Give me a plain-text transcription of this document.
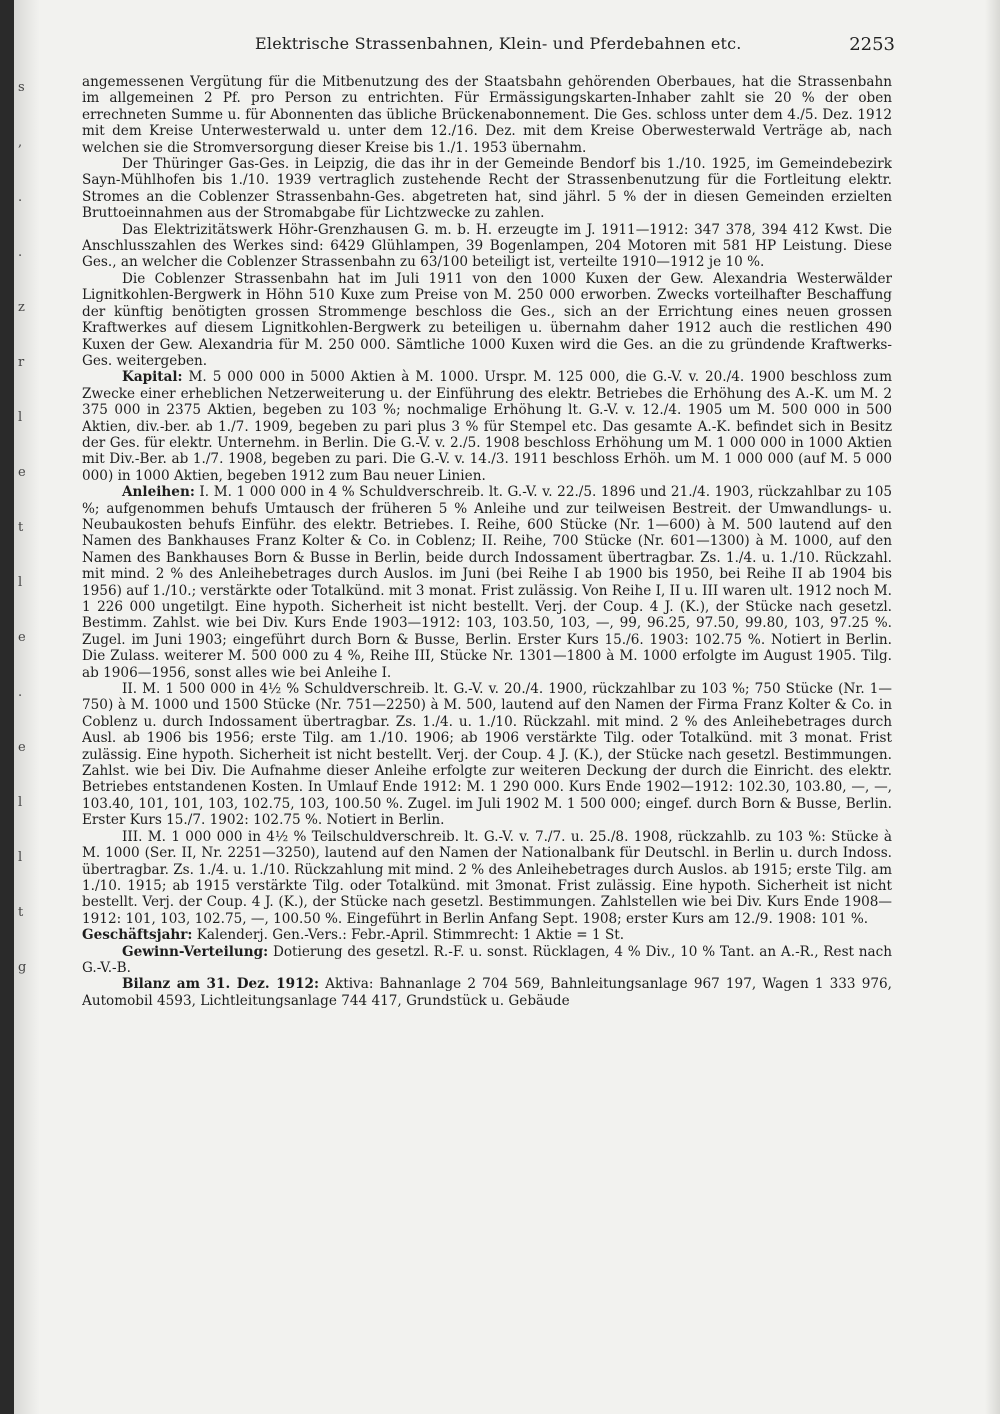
s
,
.
.
z
r
l
e
t
l
e
.
e
l
l
t
g
Elektrische Strassenbahnen, Klein- und Pferdebahnen etc.	2253

angemessenen Vergütung für die Mitbenutzung des der Staatsbahn gehörenden Oberbaues, hat die Strassenbahn im allgemeinen 2 Pf. pro Person zu entrichten. Für Ermässigungskarten-Inhaber zahlt sie 20 % der oben errechneten Summe u. für Abonnenten das übliche Brückenabonnement. Die Ges. schloss unter dem 4./5. Dez. 1912 mit dem Kreise Unterwesterwald u. unter dem 12./16. Dez. mit dem Kreise Oberwesterwald Verträge ab, nach welchen sie die Stromversorgung dieser Kreise bis 1./1. 1953 übernahm.

Der Thüringer Gas-Ges. in Leipzig, die das ihr in der Gemeinde Bendorf bis 1./10. 1925, im Gemeindebezirk Sayn-Mühlhofen bis 1./10. 1939 vertraglich zustehende Recht der Strassenbenutzung für die Fortleitung elektr. Stromes an die Coblenzer Strassenbahn-Ges. abgetreten hat, sind jährl. 5 % der in diesen Gemeinden erzielten Bruttoeinnahmen aus der Stromabgabe für Lichtzwecke zu zahlen.

Das Elektrizitätswerk Höhr-Grenzhausen G. m. b. H. erzeugte im J. 1911—1912: 347 378, 394 412 Kwst. Die Anschlusszahlen des Werkes sind: 6429 Glühlampen, 39 Bogenlampen, 204 Motoren mit 581 HP Leistung. Diese Ges., an welcher die Coblenzer Strassenbahn zu 63/100 beteiligt ist, verteilte 1910—1912 je 10 %.

Die Coblenzer Strassenbahn hat im Juli 1911 von den 1000 Kuxen der Gew. Alexandria Westerwälder Lignitkohlen-Bergwerk in Höhn 510 Kuxe zum Preise von M. 250 000 erworben. Zwecks vorteilhafter Beschaffung der künftig benötigten grossen Strommenge beschloss die Ges., sich an der Errichtung eines neuen grossen Kraftwerkes auf diesem Lignitkohlen-Bergwerk zu beteiligen u. übernahm daher 1912 auch die restlichen 490 Kuxen der Gew. Alexandria für M. 250 000. Sämtliche 1000 Kuxen wird die Ges. an die zu gründende Kraftwerks-Ges. weitergeben.

Kapital: M. 5 000 000 in 5000 Aktien à M. 1000. Urspr. M. 125 000, die G.-V. v. 20./4. 1900 beschloss zum Zwecke einer erheblichen Netzerweiterung u. der Einführung des elektr. Betriebes die Erhöhung des A.-K. um M. 2 375 000 in 2375 Aktien, begeben zu 103 %; nochmalige Erhöhung lt. G.-V. v. 12./4. 1905 um M. 500 000 in 500 Aktien, div.-ber. ab 1./7. 1909, begeben zu pari plus 3 % für Stempel etc. Das gesamte A.-K. befindet sich in Besitz der Ges. für elektr. Unternehm. in Berlin. Die G.-V. v. 2./5. 1908 beschloss Erhöhung um M. 1 000 000 in 1000 Aktien mit Div.-Ber. ab 1./7. 1908, begeben zu pari. Die G.-V. v. 14./3. 1911 beschloss Erhöh. um M. 1 000 000 (auf M. 5 000 000) in 1000 Aktien, begeben 1912 zum Bau neuer Linien.

Anleihen: I. M. 1 000 000 in 4 % Schuldverschreib. lt. G.-V. v. 22./5. 1896 und 21./4. 1903, rückzahlbar zu 105 %; aufgenommen behufs Umtausch der früheren 5 % Anleihe und zur teilweisen Bestreit. der Umwandlungs- u. Neubaukosten behufs Einführ. des elektr. Betriebes. I. Reihe, 600 Stücke (Nr. 1—600) à M. 500 lautend auf den Namen des Bankhauses Franz Kolter & Co. in Coblenz; II. Reihe, 700 Stücke (Nr. 601—1300) à M. 1000, auf den Namen des Bankhauses Born & Busse in Berlin, beide durch Indossament übertragbar. Zs. 1./4. u. 1./10. Rückzahl. mit mind. 2 % des Anleihebetrages durch Auslos. im Juni (bei Reihe I ab 1900 bis 1950, bei Reihe II ab 1904 bis 1956) auf 1./10.; verstärkte oder Totalkünd. mit 3 monat. Frist zulässig. Von Reihe I, II u. III waren ult. 1912 noch M. 1 226 000 ungetilgt. Eine hypoth. Sicherheit ist nicht bestellt. Verj. der Coup. 4 J. (K.), der Stücke nach gesetzl. Bestimm. Zahlst. wie bei Div. Kurs Ende 1903—1912: 103, 103.50, 103, —, 99, 96.25, 97.50, 99.80, 103, 97.25 %. Zugel. im Juni 1903; eingeführt durch Born & Busse, Berlin. Erster Kurs 15./6. 1903: 102.75 %. Notiert in Berlin. Die Zulass. weiterer M. 500 000 zu 4 %, Reihe III, Stücke Nr. 1301—1800 à M. 1000 erfolgte im August 1905. Tilg. ab 1906—1956, sonst alles wie bei Anleihe I.

II. M. 1 500 000 in 4½ % Schuldverschreib. lt. G.-V. v. 20./4. 1900, rückzahlbar zu 103 %; 750 Stücke (Nr. 1—750) à M. 1000 und 1500 Stücke (Nr. 751—2250) à M. 500, lautend auf den Namen der Firma Franz Kolter & Co. in Coblenz u. durch Indossament übertragbar. Zs. 1./4. u. 1./10. Rückzahl. mit mind. 2 % des Anleihebetrages durch Ausl. ab 1906 bis 1956; erste Tilg. am 1./10. 1906; ab 1906 verstärkte Tilg. oder Totalkünd. mit 3 monat. Frist zulässig. Eine hypoth. Sicherheit ist nicht bestellt. Verj. der Coup. 4 J. (K.), der Stücke nach gesetzl. Bestimmungen. Zahlst. wie bei Div. Die Aufnahme dieser Anleihe erfolgte zur weiteren Deckung der durch die Einricht. des elektr. Betriebes entstandenen Kosten. In Umlauf Ende 1912: M. 1 290 000. Kurs Ende 1902—1912: 102.30, 103.80, —, —, 103.40, 101, 101, 103, 102.75, 103, 100.50 %. Zugel. im Juli 1902 M. 1 500 000; eingef. durch Born & Busse, Berlin. Erster Kurs 15./7. 1902: 102.75 %. Notiert in Berlin.

III. M. 1 000 000 in 4½ % Teilschuldverschreib. lt. G.-V. v. 7./7. u. 25./8. 1908, rückzahlb. zu 103 %: Stücke à M. 1000 (Ser. II, Nr. 2251—3250), lautend auf den Namen der Nationalbank für Deutschl. in Berlin u. durch Indoss. übertragbar. Zs. 1./4. u. 1./10. Rückzahlung mit mind. 2 % des Anleihebetrages durch Auslos. ab 1915; erste Tilg. am 1./10. 1915; ab 1915 verstärkte Tilg. oder Totalkünd. mit 3monat. Frist zulässig. Eine hypoth. Sicherheit ist nicht bestellt. Verj. der Coup. 4 J. (K.), der Stücke nach gesetzl. Bestimmungen. Zahlstellen wie bei Div. Kurs Ende 1908—1912: 101, 103, 102.75, —, 100.50 %. Eingeführt in Berlin Anfang Sept. 1908; erster Kurs am 12./9. 1908: 101 %.

Geschäftsjahr: Kalenderj. Gen.-Vers.: Febr.-April. Stimmrecht: 1 Aktie = 1 St.

Gewinn-Verteilung: Dotierung des gesetzl. R.-F. u. sonst. Rücklagen, 4 % Div., 10 % Tant. an A.-R., Rest nach G.-V.-B.

Bilanz am 31. Dez. 1912: Aktiva: Bahnanlage 2 704 569, Bahnleitungsanlage 967 197, Wagen 1 333 976, Automobil 4593, Lichtleitungsanlage 744 417, Grundstück u. Gebäude
